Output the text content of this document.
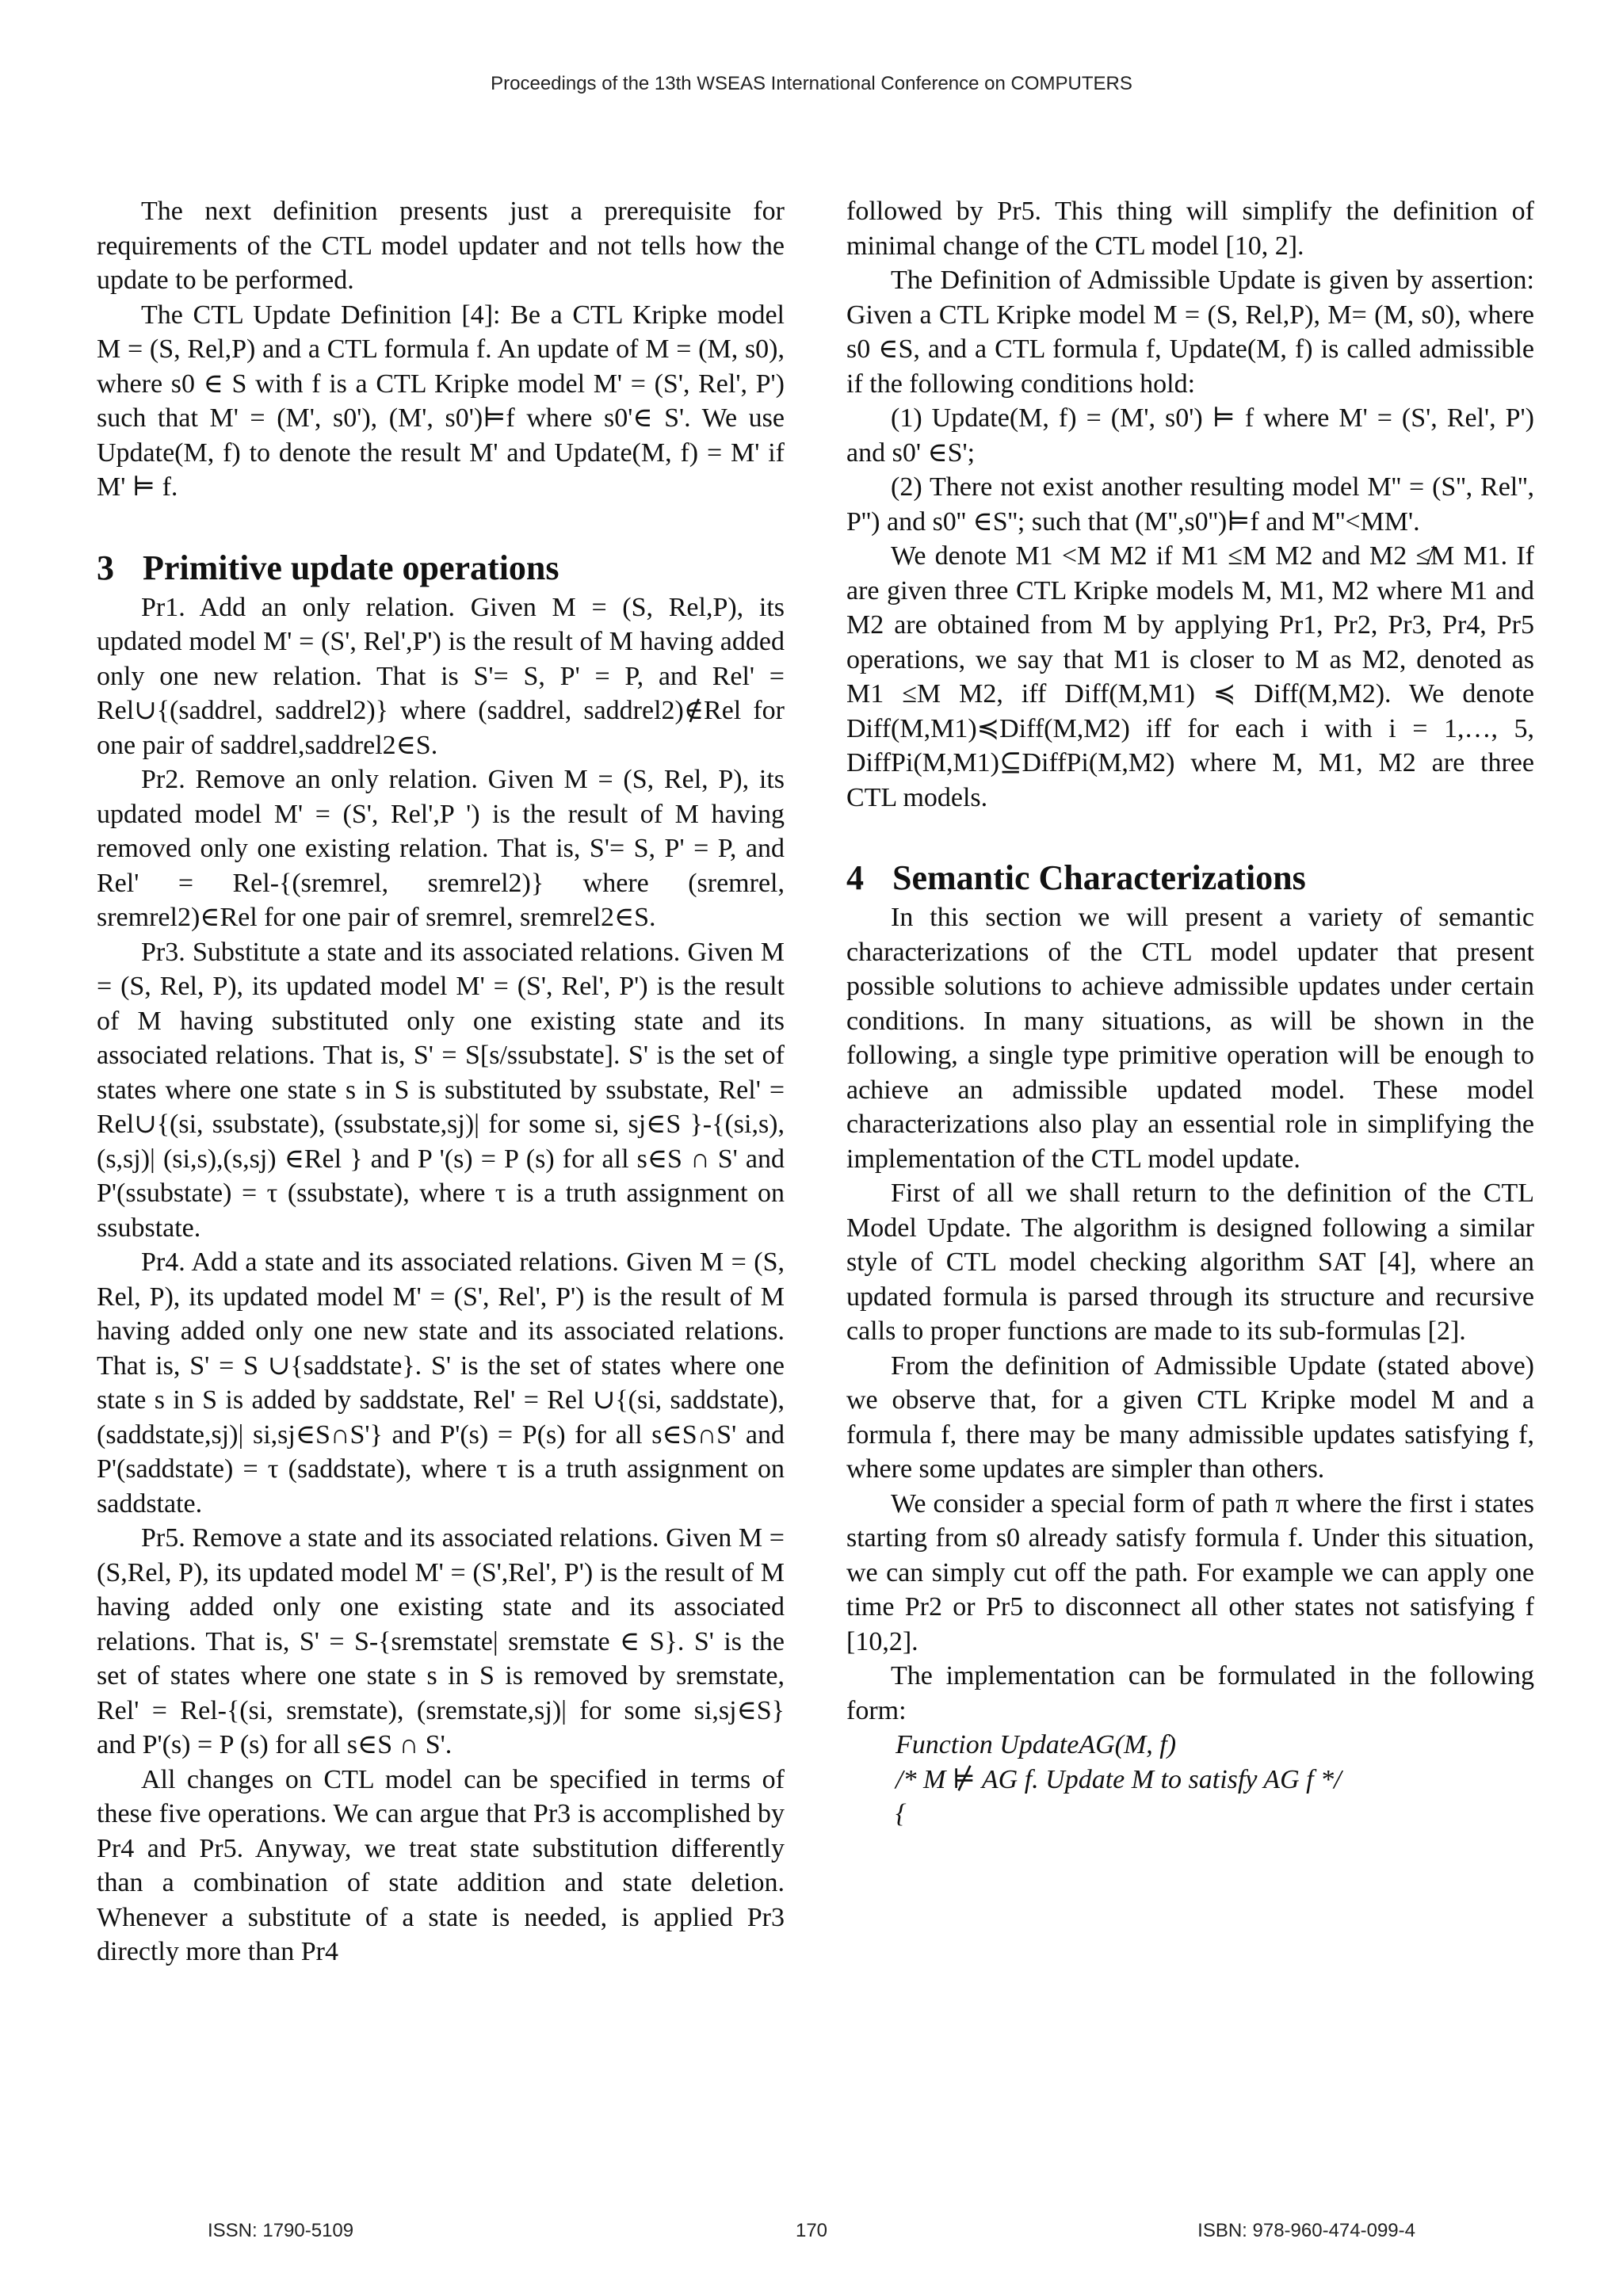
Proceedings of the 13th WSEAS International Conference on COMPUTERS

The next definition presents just a prerequisite for requirements of the CTL model updater and not tells how the update to be performed.

The CTL Update Definition [4]: Be a CTL Kripke model M = (S, Rel,P) and a CTL formula f. An update of M = (M, s0), where s0 ∈ S with f is a CTL Kripke model M' = (S', Rel', P') such that M' = (M', s0'), (M', s0')⊨f where s0'∈ S'. We use Update(M, f) to denote the result M' and Update(M, f) = M' if M' ⊨ f.

3 Primitive update operations

Pr1. Add an only relation. Given M = (S, Rel,P), its updated model M' = (S', Rel',P') is the result of M having added only one new relation. That is S'= S, P' = P, and Rel' = Rel∪{(saddrel, saddrel2)} where (saddrel, saddrel2)∉Rel for one pair of saddrel,saddrel2∈S.

Pr2. Remove an only relation. Given M = (S, Rel, P), its updated model M' = (S', Rel',P ') is the result of M having removed only one existing relation. That is, S'= S, P' = P, and Rel' = Rel-{(sremrel, sremrel2)} where (sremrel, sremrel2)∈Rel for one pair of sremrel, sremrel2∈S.

Pr3. Substitute a state and its associated relations. Given M = (S, Rel, P), its updated model M' = (S', Rel', P') is the result of M having substituted only one existing state and its associated relations. That is, S' = S[s/ssubstate]. S' is the set of states where one state s in S is substituted by ssubstate, Rel' = Rel∪{(si, ssubstate), (ssubstate,sj)| for some si, sj∈S }-{(si,s),(s,sj)| (si,s),(s,sj) ∈Rel } and P '(s) = P (s) for all s∈S ∩ S' and P'(ssubstate) = τ (ssubstate), where τ is a truth assignment on ssubstate.

Pr4. Add a state and its associated relations. Given M = (S, Rel, P), its updated model M' = (S', Rel', P') is the result of M having added only one new state and its associated relations. That is, S' = S ∪{saddstate}. S' is the set of states where one state s in S is added by saddstate, Rel' = Rel ∪{(si, saddstate), (saddstate,sj)| si,sj∈S∩S'} and P'(s) = P(s) for all s∈S∩S' and P'(saddstate) = τ (saddstate), where τ is a truth assignment on saddstate.

Pr5. Remove a state and its associated relations. Given M = (S,Rel, P), its updated model M' = (S',Rel', P') is the result of M having added only one existing state and its associated relations. That is, S' = S-{sremstate| sremstate ∈ S}. S' is the set of states where one state s in S is removed by sremstate, Rel' = Rel-{(si, sremstate), (sremstate,sj)| for some si,sj∈S} and P'(s) = P (s) for all s∈S ∩ S'.

All changes on CTL model can be specified in terms of these five operations. We can argue that Pr3 is accomplished by Pr4 and Pr5. Anyway, we treat state substitution differently than a combination of state addition and state deletion. Whenever a substitute of a state is needed, is applied Pr3 directly more than Pr4

followed by Pr5. This thing will simplify the definition of minimal change of the CTL model [10, 2].

The Definition of Admissible Update is given by assertion: Given a CTL Kripke model M = (S, Rel,P), M= (M, s0), where s0 ∈S, and a CTL formula f, Update(M, f) is called admissible if the following conditions hold:

(1) Update(M, f) = (M', s0') ⊨ f where M' = (S', Rel', P') and s0' ∈S';

(2) There not exist another resulting model M'' = (S'', Rel'', P'') and s0'' ∈S''; such that (M'',s0'')⊨f and M''<MM'.

We denote M1 <M M2 if M1 ≤M M2 and M2 ≰M M1. If are given three CTL Kripke models M, M1, M2 where M1 and M2 are obtained from M by applying Pr1, Pr2, Pr3, Pr4, Pr5 operations, we say that M1 is closer to M as M2, denoted as M1 ≤M M2, iff Diff(M,M1) ≼ Diff(M,M2). We denote Diff(M,M1)≼Diff(M,M2) iff for each i with i = 1,…, 5, DiffPi(M,M1)⊆DiffPi(M,M2) where M, M1, M2 are three CTL models.

4 Semantic Characterizations

In this section we will present a variety of semantic characterizations of the CTL model updater that present possible solutions to achieve admissible updates under certain conditions. In many situations, as will be shown in the following, a single type primitive operation will be enough to achieve an admissible updated model. These model characterizations also play an essential role in simplifying the implementation of the CTL model update.

First of all we shall return to the definition of the CTL Model Update. The algorithm is designed following a similar style of CTL model checking algorithm SAT [4], where an updated formula is parsed through its structure and recursive calls to proper functions are made to its sub-formulas [2].

From the definition of Admissible Update (stated above) we observe that, for a given CTL Kripke model M and a formula f, there may be many admissible updates satisfying f, where some updates are simpler than others.

We consider a special form of path π where the first i states starting from s0 already satisfy formula f. Under this situation, we can simply cut off the path. For example we can apply one time Pr2 or Pr5 to disconnect all other states not satisfying f [10,2].

The implementation can be formulated in the following form:

Function UpdateAG(M, f)

/* M ⊭ AG f. Update M to satisfy AG f */

{

ISSN: 1790-5109	170	ISBN: 978-960-474-099-4
